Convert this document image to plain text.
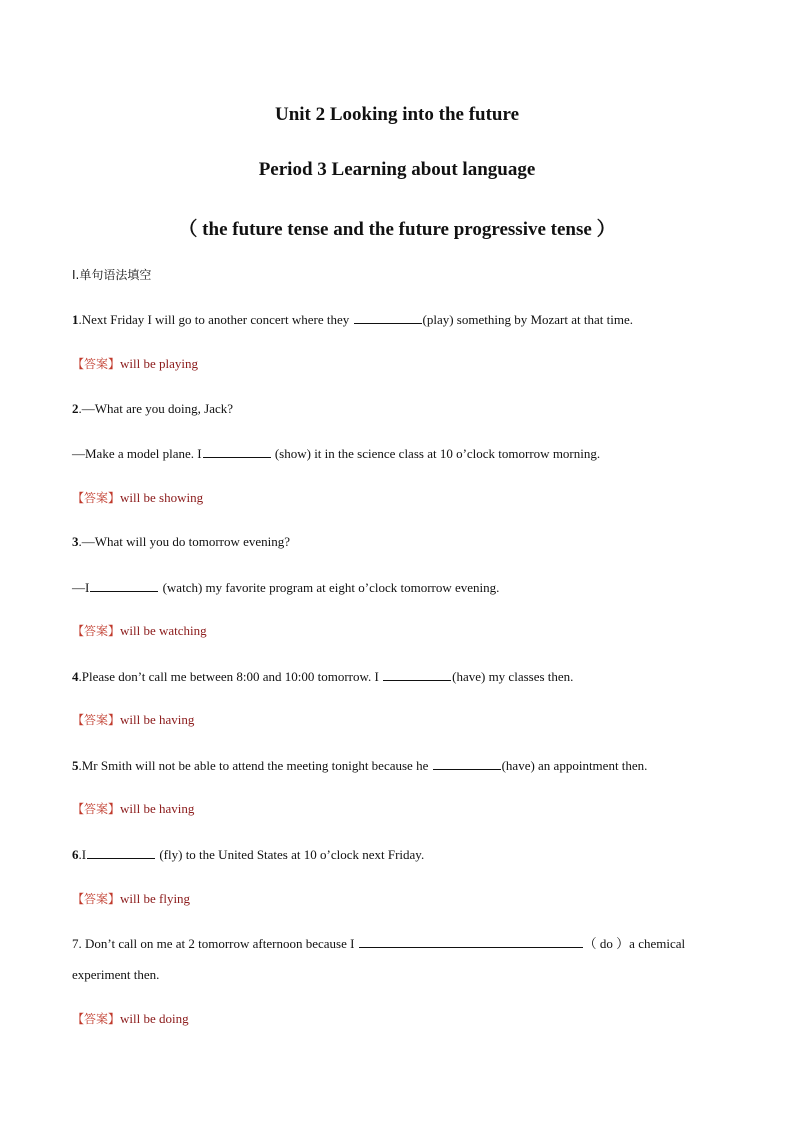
Unit 2 Looking into the future
Period 3 Learning about language
（ the future tense and the future progressive tense ）
I.单句语法填空
1.Next Friday I will go to another concert where they	(play) something by Mozart at that time.
【答案】will be playing
2.—What are you doing, Jack?
—Make a model plane. I	(show) it in the science class at 10 o’clock tomorrow morning.
【答案】will be showing
3.—What will you do tomorrow evening?
—I	(watch) my favorite program at eight o’clock tomorrow evening.
【答案】will be watching
4.Please don’t call me between 8:00 and 10:00 tomorrow. I	(have) my classes then.
【答案】will be having
5.Mr Smith will not be able to attend the meeting tonight because he	(have) an appointment then.
【答案】will be having
6.I	(fly) to the United States at 10 o’clock next Friday.
【答案】will be flying
7. Don’t call on me at 2 tomorrow afternoon because I	（ do ）a chemical experiment then.
【答案】will be doing
